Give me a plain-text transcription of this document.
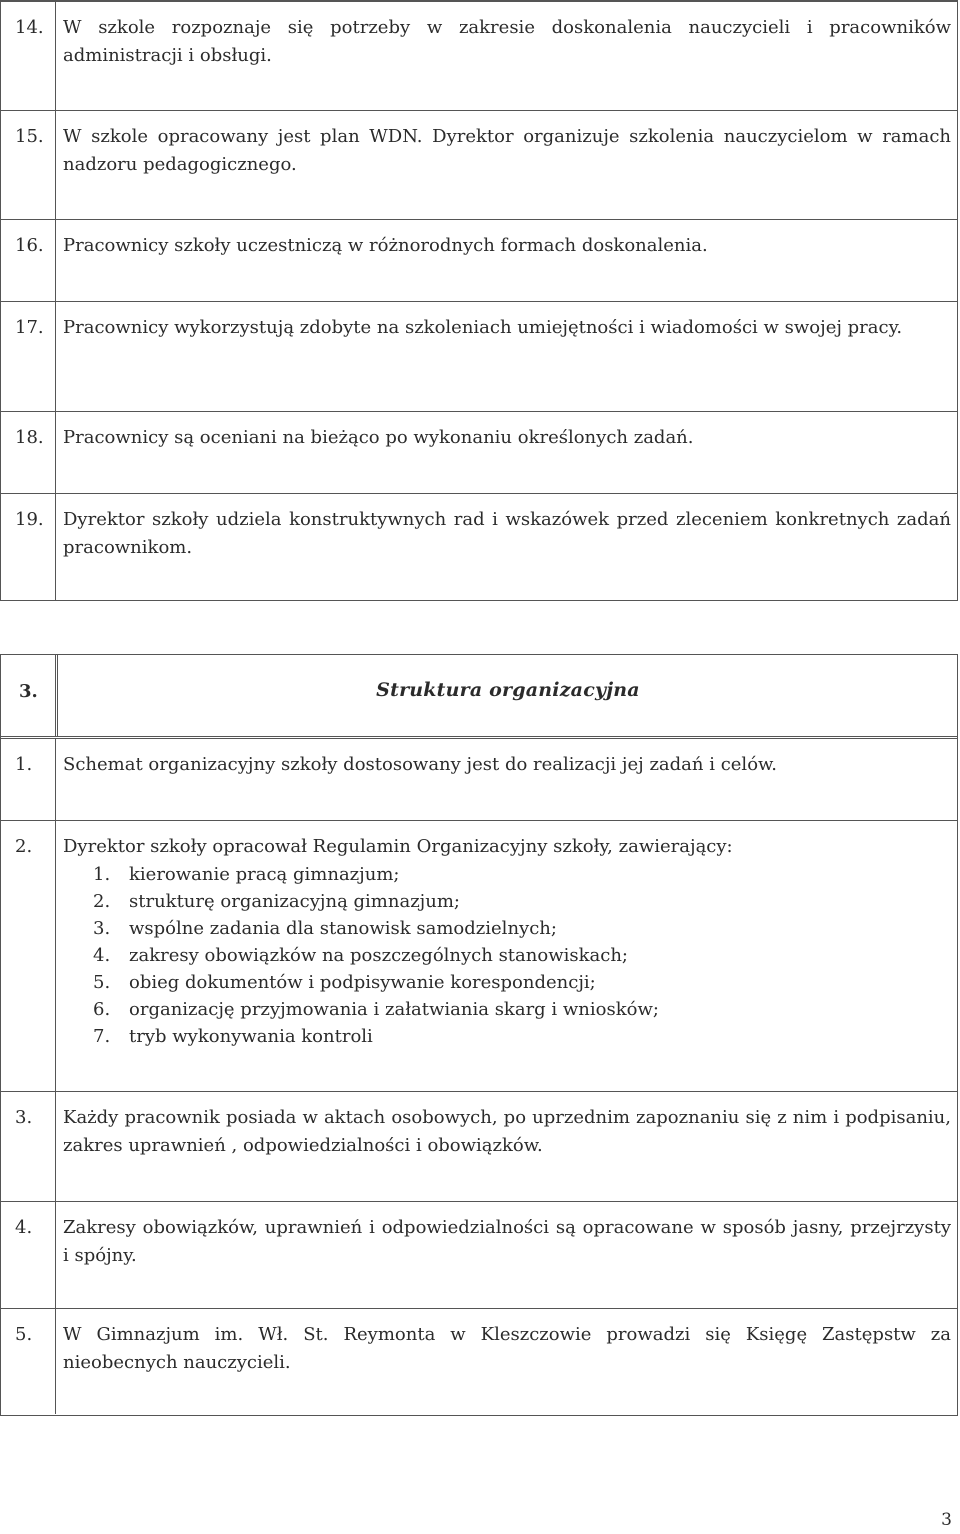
14. W szkole rozpoznaje się potrzeby w zakresie doskonalenia nauczycieli i pracowników administracji i obsługi.
15. W szkole opracowany jest plan WDN. Dyrektor organizuje szkolenia nauczycielom w ramach nadzoru pedagogicznego.
16. Pracownicy szkoły uczestniczą w różnorodnych formach doskonalenia.
17. Pracownicy wykorzystują zdobyte na szkoleniach umiejętności i wiadomości w swojej pracy.
18. Pracownicy są oceniani na bieżąco po wykonaniu określonych zadań.
19. Dyrektor szkoły udziela konstruktywnych rad i wskazówek przed zleceniem konkretnych zadań pracownikom.
3.	Struktura organizacyjna
1. Schemat organizacyjny szkoły dostosowany jest do realizacji jej zadań i celów.
2. Dyrektor szkoły opracował Regulamin Organizacyjny szkoły, zawierający:
1. kierowanie pracą gimnazjum;
2. strukturę organizacyjną gimnazjum;
3. wspólne zadania dla stanowisk samodzielnych;
4. zakresy obowiązków na poszczególnych stanowiskach;
5. obieg dokumentów i podpisywanie korespondencji;
6. organizację przyjmowania i załatwiania skarg i wniosków;
7. tryb wykonywania kontroli
3. Każdy pracownik posiada w aktach osobowych, po uprzednim zapoznaniu się z nim i podpisaniu, zakres uprawnień , odpowiedzialności i obowiązków.
4. Zakresy obowiązków, uprawnień i odpowiedzialności są opracowane w sposób jasny, przejrzysty i spójny.
5. W Gimnazjum im. Wł. St. Reymonta w Kleszczowie prowadzi się Księgę Zastępstw za nieobecnych nauczycieli.
3
